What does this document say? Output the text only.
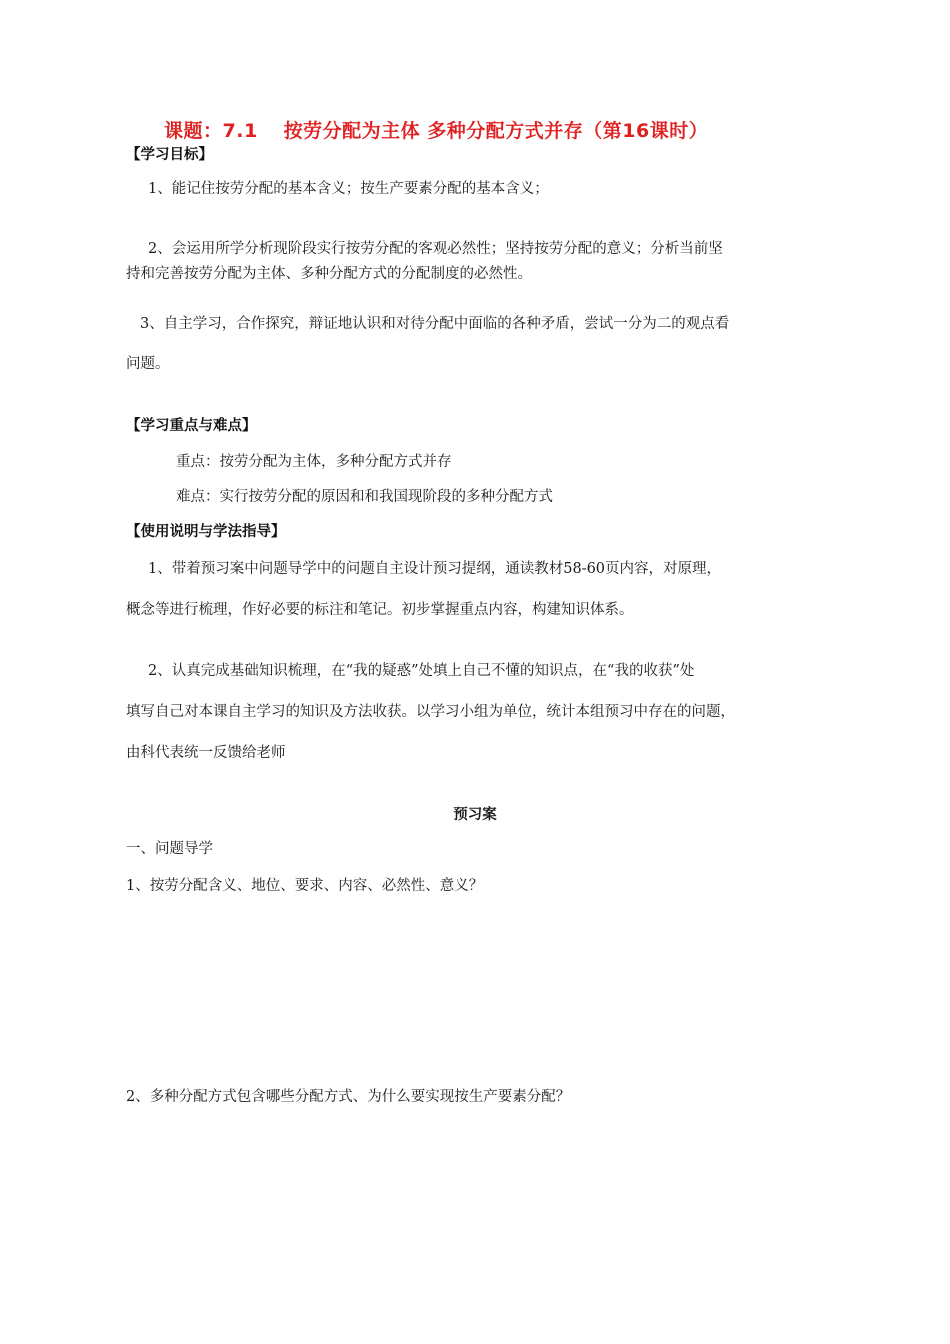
课题：7.1 按劳分配为主体 多种分配方式并存（第16课时）
【学习目标】
1、能记住按劳分配的基本含义；按生产要素分配的基本含义；
2、会运用所学分析现阶段实行按劳分配的客观必然性；坚持按劳分配的意义；分析当前坚
持和完善按劳分配为主体、多种分配方式的分配制度的必然性。
3、自主学习，合作探究，辩证地认识和对待分配中面临的各种矛盾，尝试一分为二的观点看
问题。
【学习重点与难点】
重点：按劳分配为主体，多种分配方式并存
难点：实行按劳分配的原因和和我国现阶段的多种分配方式
【使用说明与学法指导】
1、带着预习案中问题导学中的问题自主设计预习提纲，通读教材58-60页内容，对原理，
概念等进行梳理，作好必要的标注和笔记。初步掌握重点内容，构建知识体系。
2、认真完成基础知识梳理，在“我的疑惑”处填上自己不懂的知识点，在“我的收获”处
填写自己对本课自主学习的知识及方法收获。以学习小组为单位，统计本组预习中存在的问题，
由科代表统一反馈给老师
预习案
一、问题导学
1、按劳分配含义、地位、要求、内容、必然性、意义？
2、多种分配方式包含哪些分配方式、为什么要实现按生产要素分配？
